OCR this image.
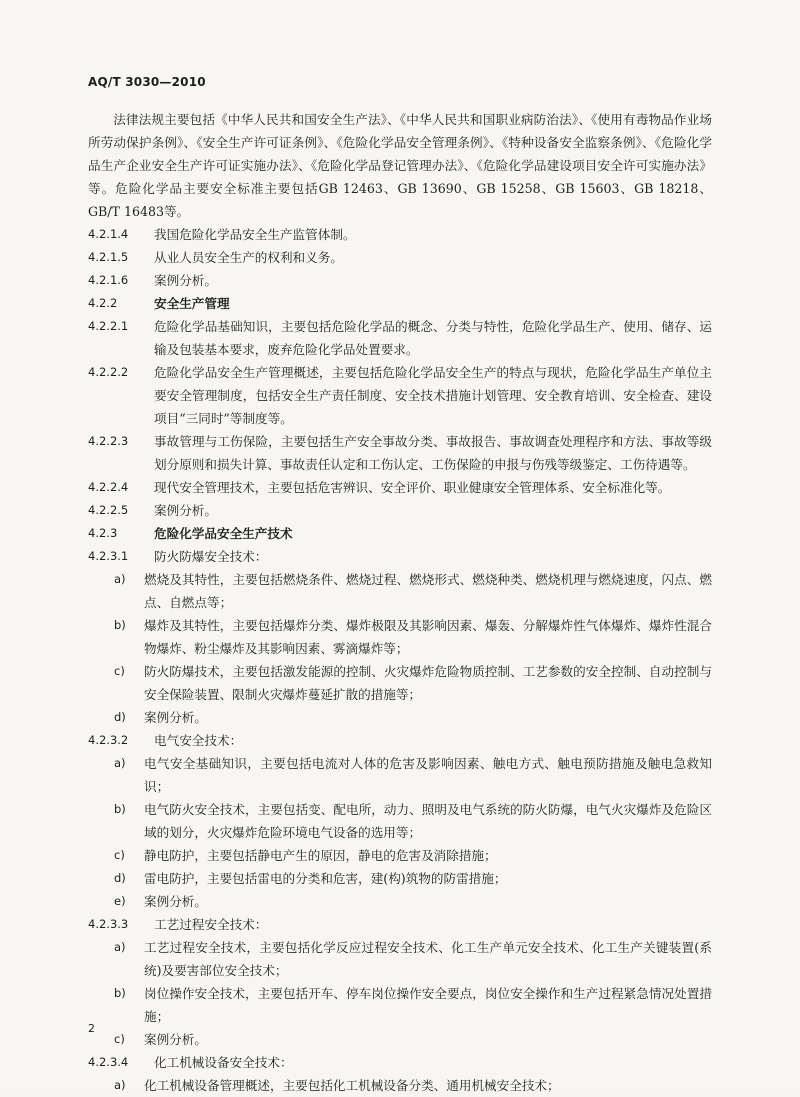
AQ/T 3030—2010
法律法规主要包括《中华人民共和国安全生产法》、《中华人民共和国职业病防治法》、《使用有毒物品作业场所劳动保护条例》、《安全生产许可证条例》、《危险化学品安全管理条例》、《特种设备安全监察条例》、《危险化学品生产企业安全生产许可证实施办法》、《危险化学品登记管理办法》、《危险化学品建设项目安全许可实施办法》等。危险化学品主要安全标准主要包括GB 12463、GB 13690、GB 15258、GB 15603、GB 18218、GB/T 16483等。
4.2.1.4	我国危险化学品安全生产监管体制。
4.2.1.5	从业人员安全生产的权利和义务。
4.2.1.6	案例分析。
4.2.2	安全生产管理
4.2.2.1	危险化学品基础知识，主要包括危险化学品的概念、分类与特性，危险化学品生产、使用、储存、运输及包装基本要求，废弃危险化学品处置要求。
4.2.2.2	危险化学品安全生产管理概述，主要包括危险化学品安全生产的特点与现状，危险化学品生产单位主要安全管理制度，包括安全生产责任制度、安全技术措施计划管理、安全教育培训、安全检查、建设项目“三同时”等制度等。
4.2.2.3	事故管理与工伤保险，主要包括生产安全事故分类、事故报告、事故调查处理程序和方法、事故等级划分原则和损失计算、事故责任认定和工伤认定、工伤保险的申报与伤残等级鉴定、工伤待遇等。
4.2.2.4	现代安全管理技术，主要包括危害辨识、安全评价、职业健康安全管理体系、安全标准化等。
4.2.2.5	案例分析。
4.2.3	危险化学品安全生产技术
4.2.3.1	防火防爆安全技术：
a)	燃烧及其特性，主要包括燃烧条件、燃烧过程、燃烧形式、燃烧种类、燃烧机理与燃烧速度，闪点、燃点、自燃点等；
b)	爆炸及其特性，主要包括爆炸分类、爆炸极限及其影响因素、爆轰、分解爆炸性气体爆炸、爆炸性混合物爆炸、粉尘爆炸及其影响因素、雾滴爆炸等；
c)	防火防爆技术，主要包括激发能源的控制、火灾爆炸危险物质控制、工艺参数的安全控制、自动控制与安全保险装置、限制火灾爆炸蔓延扩散的措施等；
d)	案例分析。
4.2.3.2	电气安全技术：
a)	电气安全基础知识，主要包括电流对人体的危害及影响因素、触电方式、触电预防措施及触电急救知识；
b)	电气防火安全技术，主要包括变、配电所，动力、照明及电气系统的防火防爆，电气火灾爆炸及危险区域的划分，火灾爆炸危险环境电气设备的选用等；
c)	静电防护，主要包括静电产生的原因，静电的危害及消除措施；
d)	雷电防护，主要包括雷电的分类和危害，建(构)筑物的防雷措施；
e)	案例分析。
4.2.3.3	工艺过程安全技术：
a)	工艺过程安全技术，主要包括化学反应过程安全技术、化工生产单元安全技术、化工生产关键装置(系统)及要害部位安全技术；
b)	岗位操作安全技术，主要包括开车、停车岗位操作安全要点，岗位安全操作和生产过程紧急情况处置措施；
c)	案例分析。
4.2.3.4	化工机械设备安全技术：
a)	化工机械设备管理概述，主要包括化工机械设备分类、通用机械安全技术；
2
